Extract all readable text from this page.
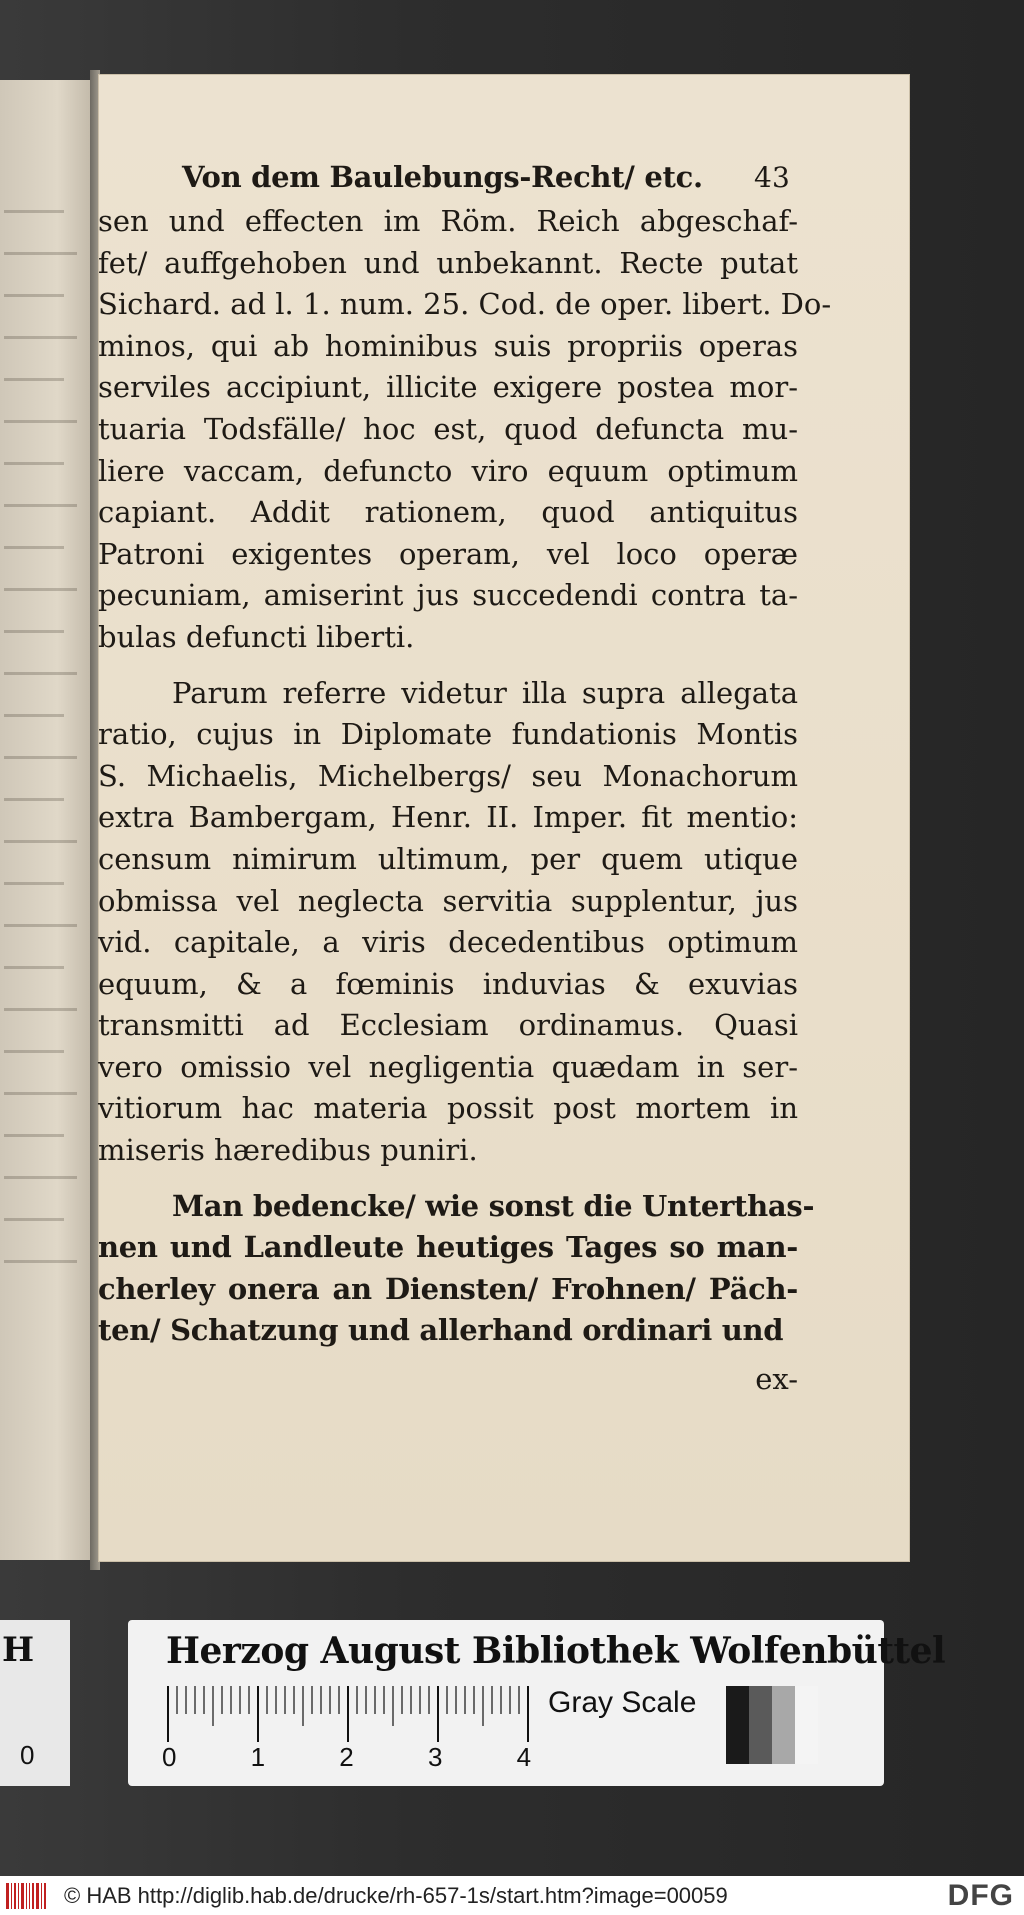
Von dem Baulebungs-Recht/ etc. 43
sen und effecten im Röm. Reich abgeschaf-
fet/ auffgehoben und unbekannt. Recte putat
Sichard. ad l. 1. num. 25. Cod. de oper. libert. Do-
minos, qui ab hominibus suis propriis operas
serviles accipiunt, illicite exigere postea mor-
tuaria Todsfälle/ hoc est, quod defuncta mu-
liere vaccam, defuncto viro equum optimum
capiant. Addit rationem, quod antiquitus
Patroni exigentes operam, vel loco operæ
pecuniam, amiserint jus succedendi contra ta-
bulas defuncti liberti.
Parum referre videtur illa supra allegata
ratio, cujus in Diplomate fundationis Montis
S. Michaelis, Michelbergs/ seu Monachorum
extra Bambergam, Henr. II. Imper. fit mentio:
censum nimirum ultimum, per quem utique
obmissa vel neglecta servitia supplentur, jus
vid. capitale, a viris decedentibus optimum
equum, & a fœminis induvias & exuvias
transmitti ad Ecclesiam ordinamus. Quasi
vero omissio vel negligentia quædam in ser-
vitiorum hac materia possit post mortem in
miseris hæredibus puniri.
Man bedencke/ wie sonst die Unterthas-
nen und Landleute heutiges Tages so man-
cherley onera an Diensten/ Frohnen/ Päch-
ten/ Schatzung und allerhand ordinari und
ex-
H
0
Herzog August Bibliothek Wolfenbüttel
0	1	2	3	4
Gray Scale
© HAB http://diglib.hab.de/drucke/rh-657-1s/start.htm?image=00059	DFG
